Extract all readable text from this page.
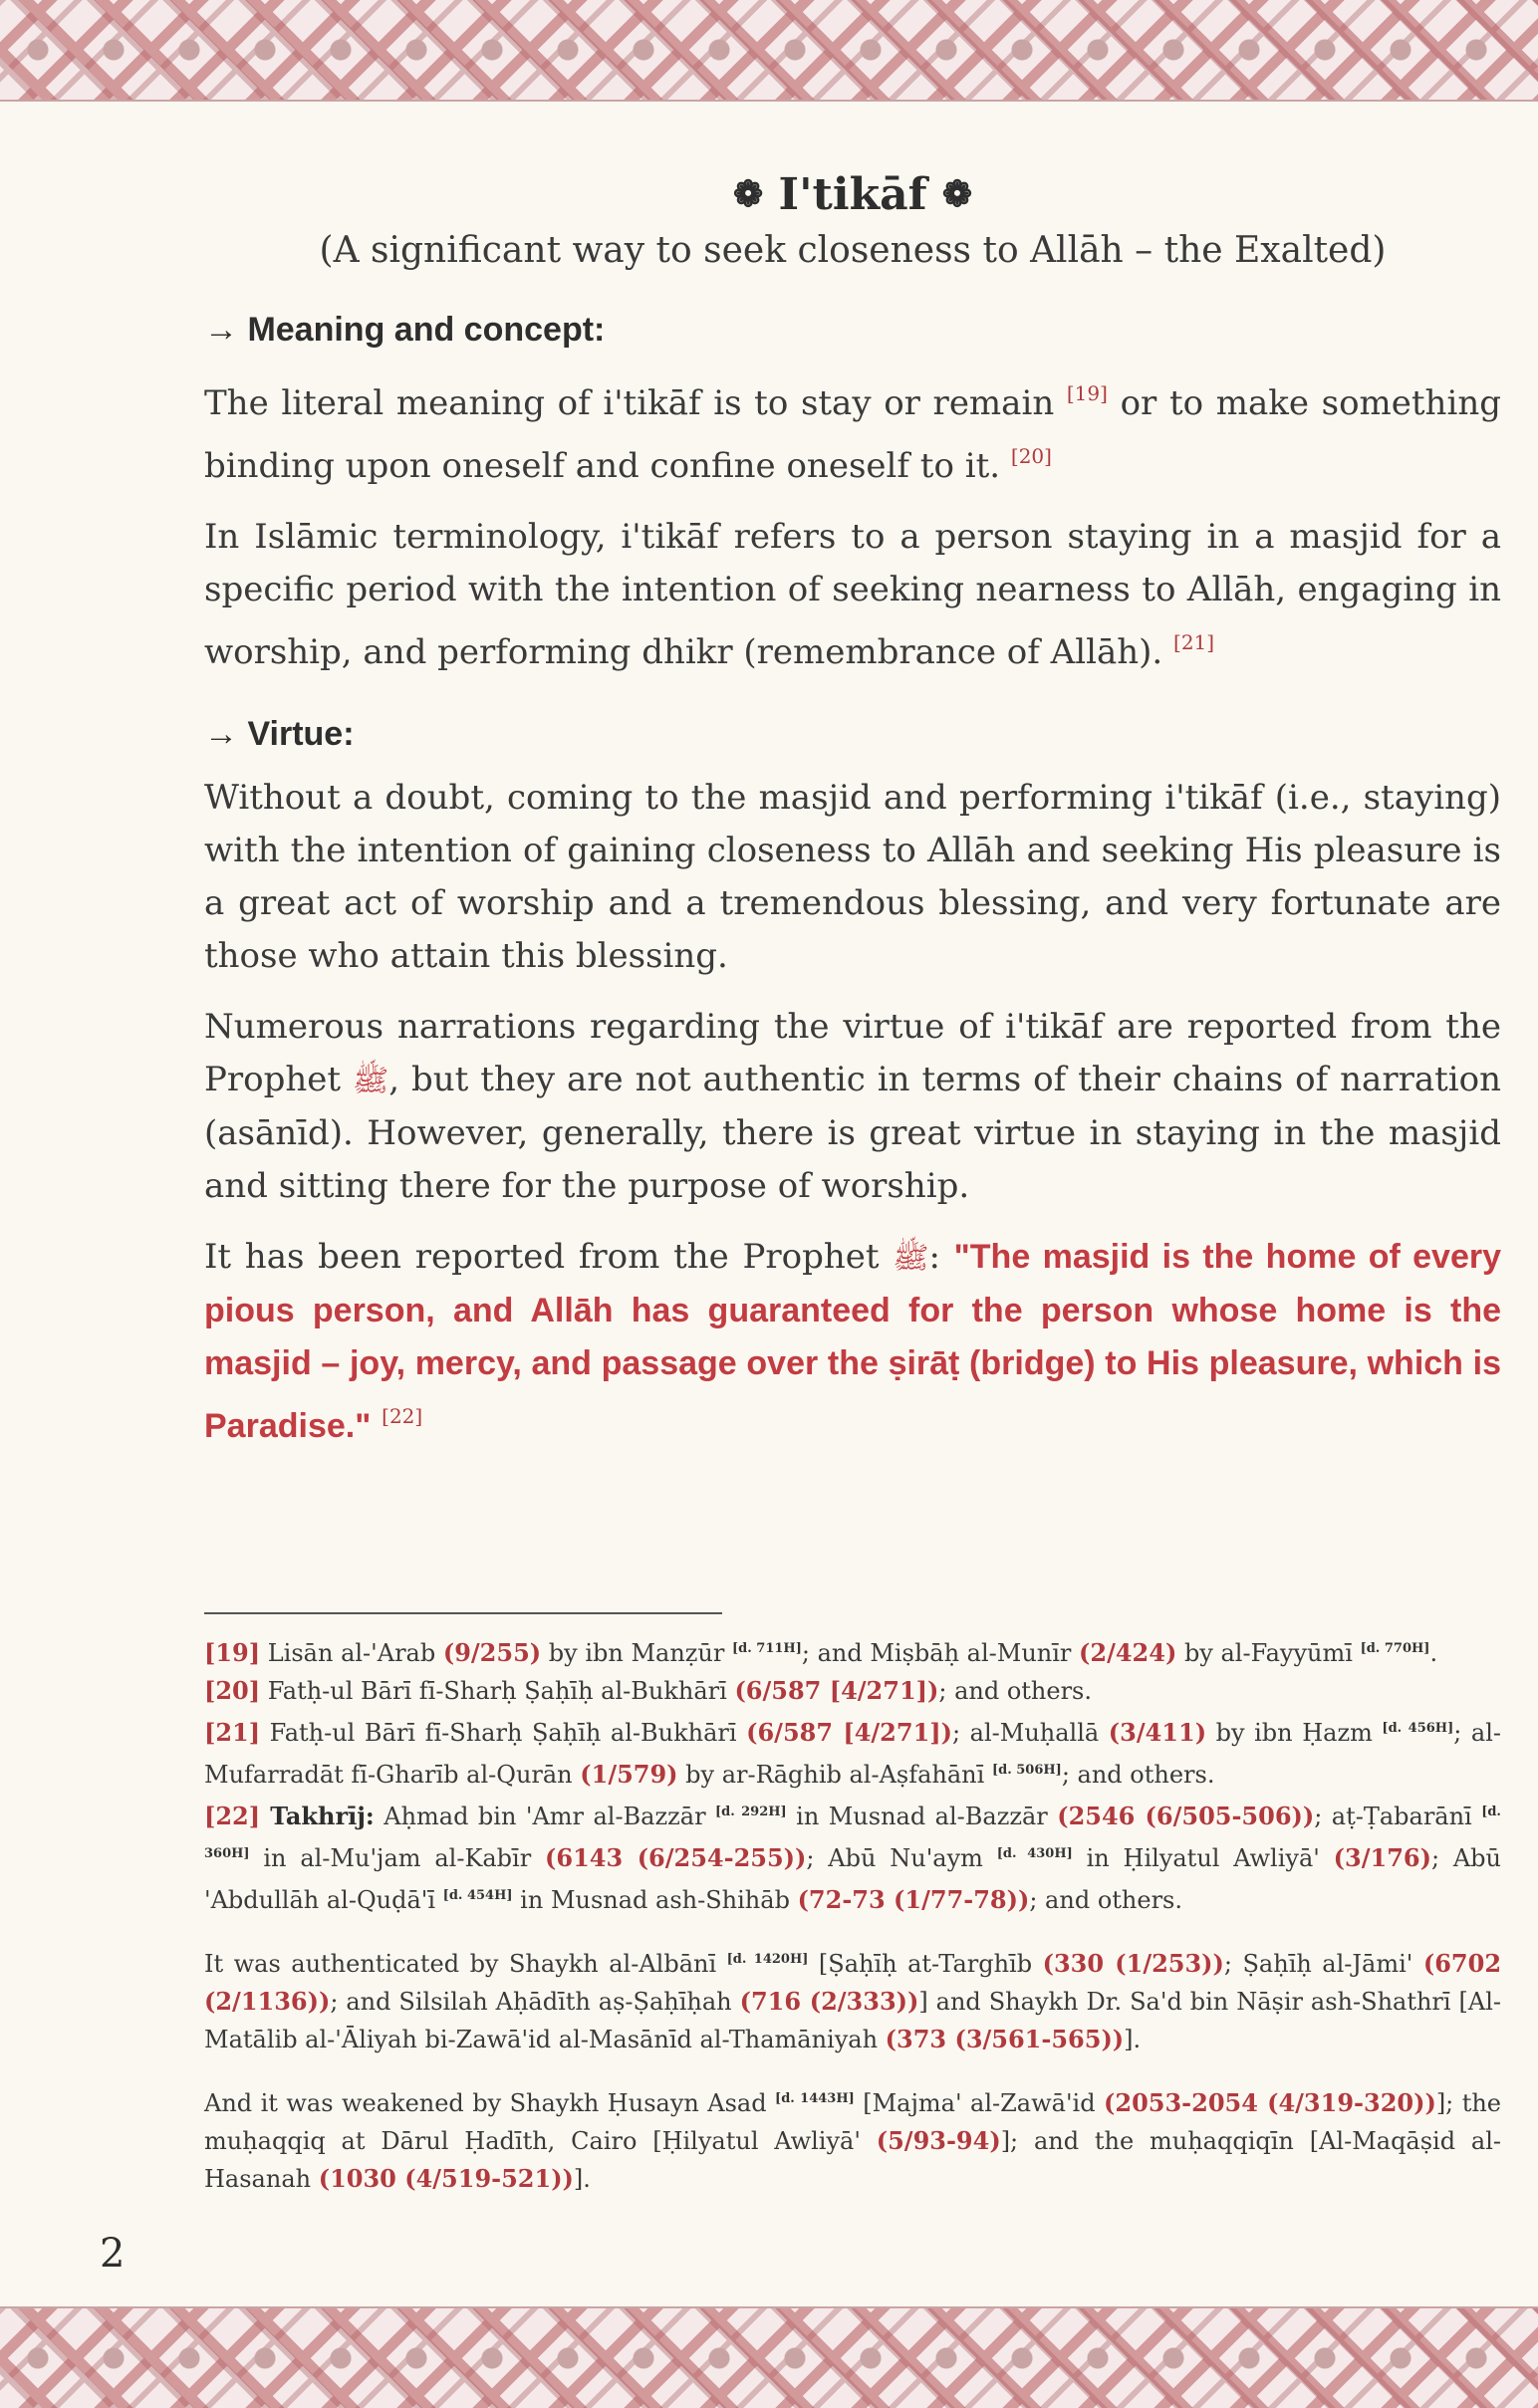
❁ I'tikāf ❁

(A significant way to seek closeness to Allāh – the Exalted)

→ Meaning and concept:

The literal meaning of i'tikāf is to stay or remain [19] or to make something binding upon oneself and confine oneself to it. [20]

In Islāmic terminology, i'tikāf refers to a person staying in a masjid for a specific period with the intention of seeking nearness to Allāh, engaging in worship, and performing dhikr (remembrance of Allāh). [21]

→ Virtue:

Without a doubt, coming to the masjid and performing i'tikāf (i.e., staying) with the intention of gaining closeness to Allāh and seeking His pleasure is a great act of worship and a tremendous blessing, and very fortunate are those who attain this blessing.

Numerous narrations regarding the virtue of i'tikāf are reported from the Prophet ﷺ, but they are not authentic in terms of their chains of narration (asānīd). However, generally, there is great virtue in staying in the masjid and sitting there for the purpose of worship.

It has been reported from the Prophet ﷺ: "The masjid is the home of every pious person, and Allāh has guaranteed for the person whose home is the masjid – joy, mercy, and passage over the ṣirāṭ (bridge) to His pleasure, which is Paradise." [22]

[19] Lisān al-'Arab (9/255) by ibn Manẓūr [d. 711H]; and Miṣbāḥ al-Munīr (2/424) by al-Fayyūmī [d. 770H].

[20] Fatḥ-ul Bārī fī-Sharḥ Ṣaḥīḥ al-Bukhārī (6/587 [4/271]); and others.

[21] Fatḥ-ul Bārī fī-Sharḥ Ṣaḥīḥ al-Bukhārī (6/587 [4/271]); al-Muḥallā (3/411) by ibn Ḥazm [d. 456H]; al-Mufarradāt fī-Gharīb al-Qurān (1/579) by ar-Rāghib al-Aṣfahānī [d. 506H]; and others.

[22] Takhrīj: Aḥmad bin 'Amr al-Bazzār [d. 292H] in Musnad al-Bazzār (2546 (6/505-506)); aṭ-Ṭabarānī [d. 360H] in al-Mu'jam al-Kabīr (6143 (6/254-255)); Abū Nu'aym [d. 430H] in Ḥilyatul Awliyā' (3/176); Abū 'Abdullāh al-Quḍā'ī [d. 454H] in Musnad ash-Shihāb (72-73 (1/77-78)); and others.

It was authenticated by Shaykh al-Albānī [d. 1420H] [Ṣaḥīḥ at-Targhīb (330 (1/253)); Ṣaḥīḥ al-Jāmi' (6702 (2/1136)); and Silsilah Aḥādīth aṣ-Ṣaḥīḥah (716 (2/333))] and Shaykh Dr. Sa'd bin Nāṣir ash-Shathrī [Al-Matālib al-'Āliyah bi-Zawā'id al-Masānīd al-Thamāniyah (373 (3/561-565))].

And it was weakened by Shaykh Ḥusayn Asad [d. 1443H] [Majma' al-Zawā'id (2053-2054 (4/319-320))]; the muḥaqqiq at Dārul Ḥadīth, Cairo [Ḥilyatul Awliyā' (5/93-94)]; and the muḥaqqiqīn [Al-Maqāṣid al-Hasanah (1030 (4/519-521))].

2
